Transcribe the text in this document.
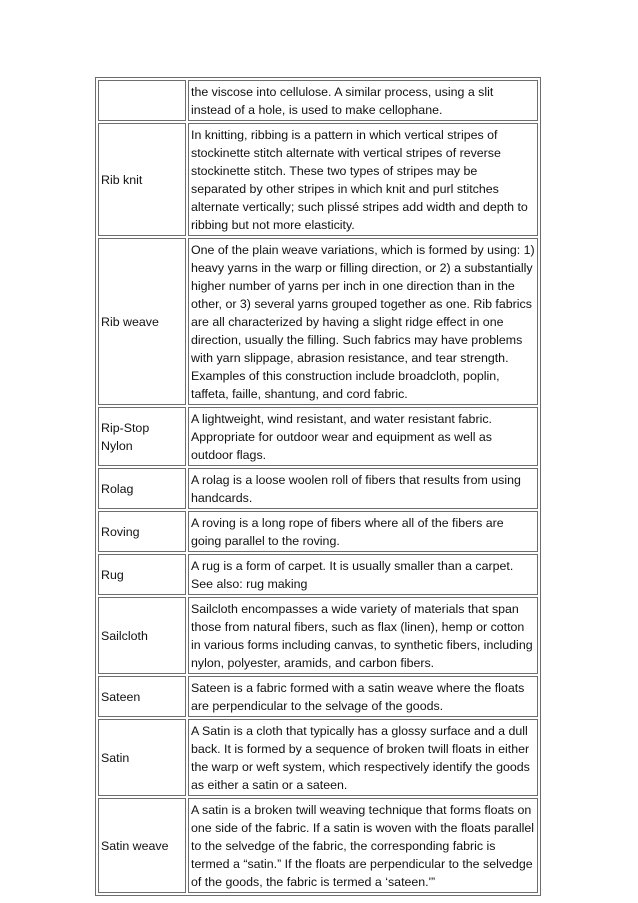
	the viscose into cellulose. A similar process, using a slit instead of a hole, is used to make cellophane.
Rib knit	In knitting, ribbing is a pattern in which vertical stripes of stockinette stitch alternate with vertical stripes of reverse stockinette stitch. These two types of stripes may be separated by other stripes in which knit and purl stitches alternate vertically; such plissé stripes add width and depth to ribbing but not more elasticity.
Rib weave	One of the plain weave variations, which is formed by using: 1) heavy yarns in the warp or filling direction, or 2) a substantially higher number of yarns per inch in one direction than in the other, or 3) several yarns grouped together as one. Rib fabrics are all characterized by having a slight ridge effect in one direction, usually the filling. Such fabrics may have problems with yarn slippage, abrasion resistance, and tear strength. Examples of this construction include broadcloth, poplin, taffeta, faille, shantung, and cord fabric.
Rip-Stop Nylon	A lightweight, wind resistant, and water resistant fabric. Appropriate for outdoor wear and equipment as well as outdoor flags.
Rolag	A rolag is a loose woolen roll of fibers that results from using handcards.
Roving	A roving is a long rope of fibers where all of the fibers are going parallel to the roving.
Rug	A rug is a form of carpet. It is usually smaller than a carpet. See also: rug making
Sailcloth	Sailcloth encompasses a wide variety of materials that span those from natural fibers, such as flax (linen), hemp or cotton in various forms including canvas, to synthetic fibers, including nylon, polyester, aramids, and carbon fibers.
Sateen	Sateen is a fabric formed with a satin weave where the floats are perpendicular to the selvage of the goods.
Satin	A Satin is a cloth that typically has a glossy surface and a dull back. It is formed by a sequence of broken twill floats in either the warp or weft system, which respectively identify the goods as either a satin or a sateen.
Satin weave	A satin is a broken twill weaving technique that forms floats on one side of the fabric. If a satin is woven with the floats parallel to the selvedge of the fabric, the corresponding fabric is termed a “satin.” If the floats are perpendicular to the selvedge of the goods, the fabric is termed a ‘sateen.'”
